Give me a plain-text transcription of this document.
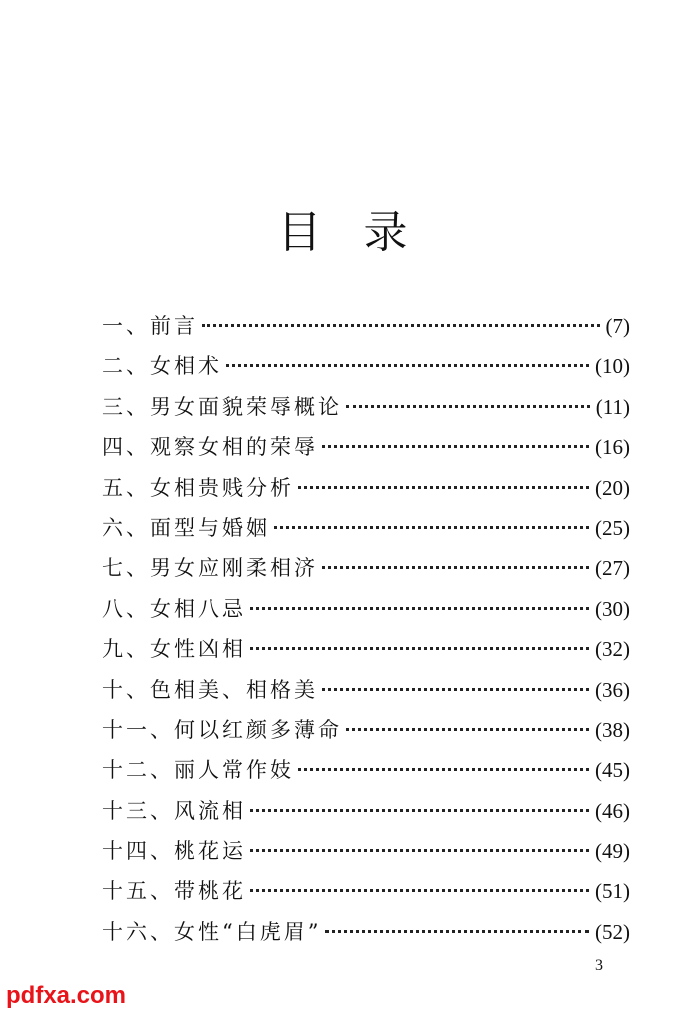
目录
一、前言	(7)
二、女相术	(10)
三、男女面貌荣辱概论	(11)
四、观察女相的荣辱	(16)
五、女相贵贱分析	(20)
六、面型与婚姻	(25)
七、男女应刚柔相济	(27)
八、女相八忌	(30)
九、女性凶相	(32)
十、色相美、相格美	(36)
十一、何以红颜多薄命	(38)
十二、丽人常作妓	(45)
十三、风流相	(46)
十四、桃花运	(49)
十五、带桃花	(51)
十六、女性“白虎眉”	(52)
3
pdfxa.com
